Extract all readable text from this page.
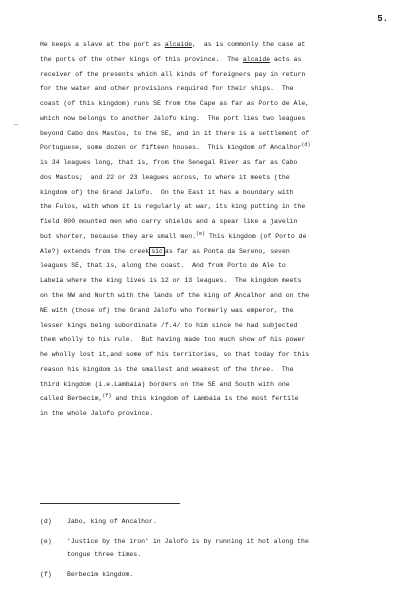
5.
—
He keeps a slave at the port as alcaide,  as is commonly the case at
the ports of the other kings of this province.  The alcaide acts as
receiver of the presents which all kinds of foreigners pay in return
for the water and other provisions required for their ships.  The
coast (of this kingdom) runs SE from the Cape as far as Porto de Ale,
which now belongs to another Jalofo king.  The port lies two leagues
beyond Cabo dos Mastos, to the SE, and in it there is a settlement of
Portuguese, some dozen or fifteen houses.  This kingdom of Ancalhor$^{(d)}$
is 34 leagues long, that is, from the Senegal River as far as Cabo
dos Mastos;  and 22 or 23 leagues across, to where it meets (the
kingdom of) the Grand Jalofo.  On the East it has a boundary with
the Fulos, with whom it is regularly at war, its king putting in the
field 800 mounted men who carry shields and a spear like a javelin
but shorter, because they are small men.$^{(e)}$ This kingdom (of Porto de
Ale?) extends from the creek sic as far as Ponta da Sereno, seven
leagues SE, that is, along the coast.  And from Porto de Ale to
Labeia where the king lives is 12 or 13 leagues.  The kingdom meets
on the NW and North with the lands of the king of Ancalhor and on the
NE with (those of) the Grand Jalofo who formerly was emperor, the
lesser kings being subordinate /f.4/ to him since he had subjected
them wholly to his rule.  But having made too much show of his power
he wholly lost it,and some of his territories, so that today for this
reason his kingdom is the smallest and weakest of the three.  The
third kingdom (i.e.Lambaia) borders on the SE and South with one
called Berbecim,$^{(f)}$ and this kingdom of Lambaia is the most fertile
in the whole Jalofo province.
(d)	Jabo, king of Ancalhor.
(e)	'Justice by the iron' in Jalofo is by running it hot along the
tongue three times.
(f)	Berbecim kingdom.
